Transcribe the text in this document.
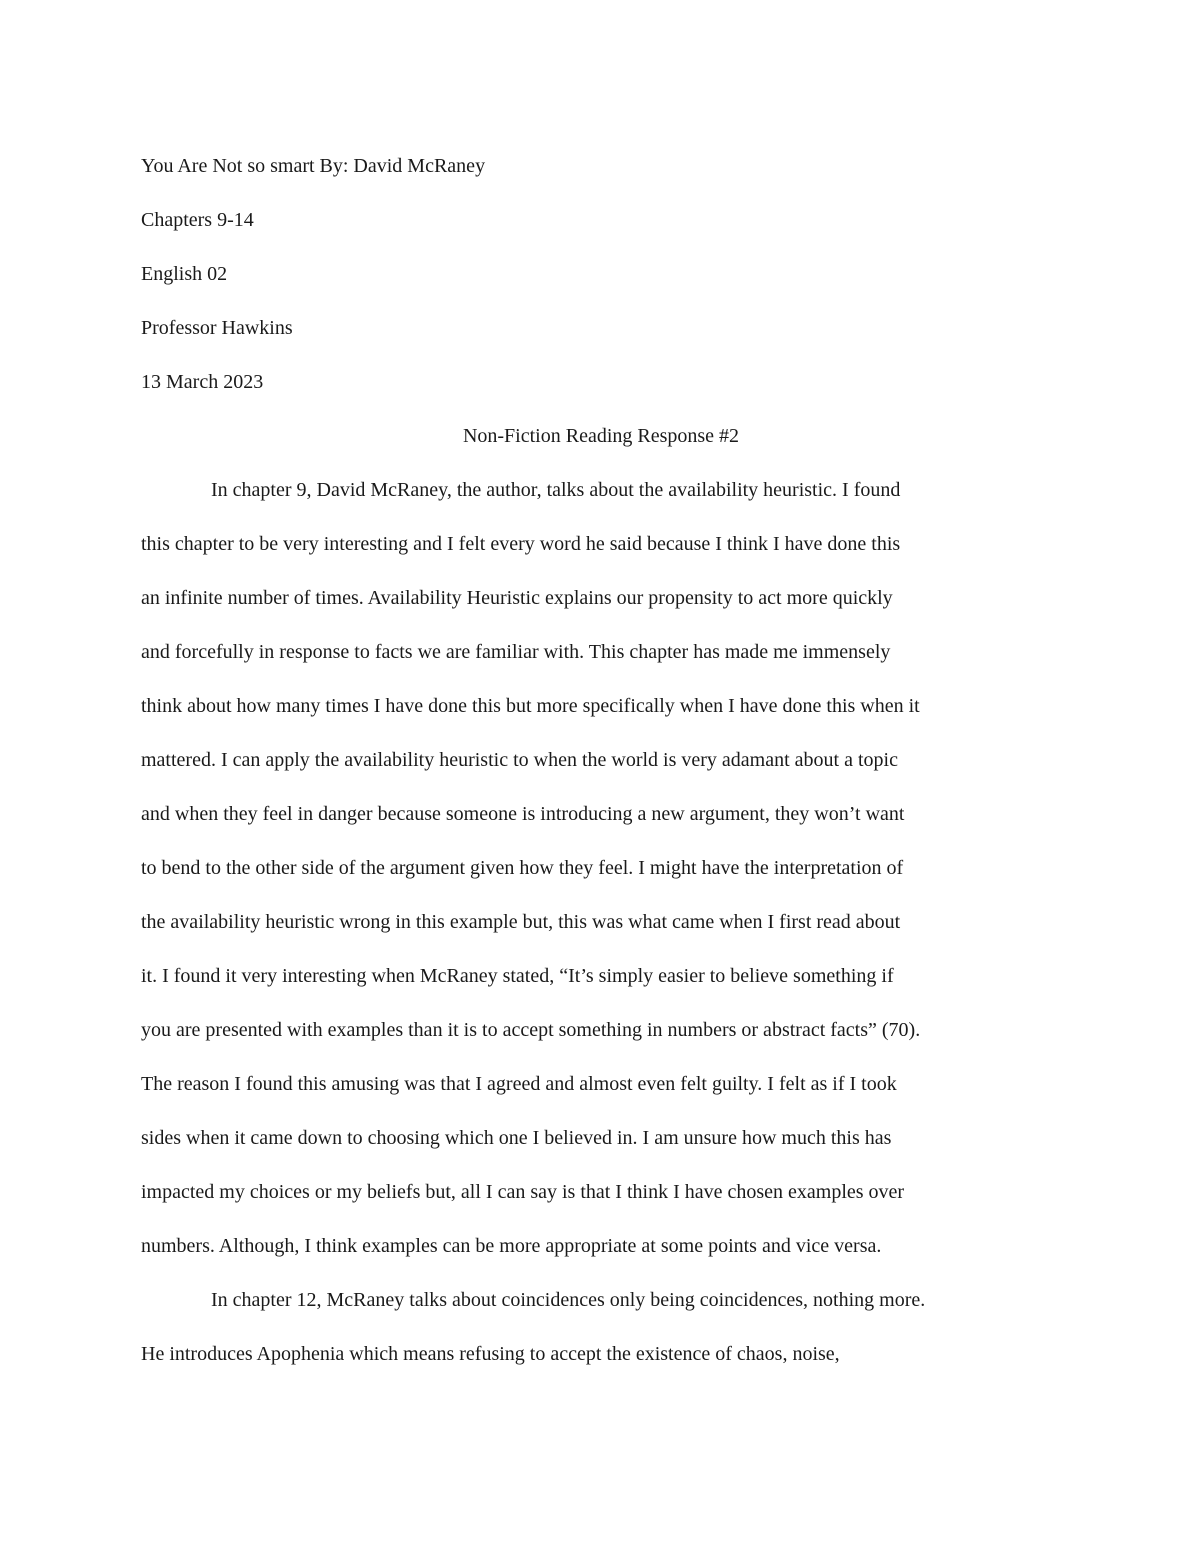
You Are Not so smart By: David McRaney
Chapters 9-14
English 02
Professor Hawkins
13 March 2023
Non-Fiction Reading Response #2
In chapter 9, David McRaney, the author, talks about the availability heuristic. I found
this chapter to be very interesting and I felt every word he said because I think I have done this
an infinite number of times. Availability Heuristic explains our propensity to act more quickly
and forcefully in response to facts we are familiar with. This chapter has made me immensely
think about how many times I have done this but more specifically when I have done this when it
mattered. I can apply the availability heuristic to when the world is very adamant about a topic
and when they feel in danger because someone is introducing a new argument, they won’t want
to bend to the other side of the argument given how they feel. I might have the interpretation of
the availability heuristic wrong in this example but, this was what came when I first read about
it. I found it very interesting when McRaney stated, “It’s simply easier to believe something if
you are presented with examples than it is to accept something in numbers or abstract facts” (70).
The reason I found this amusing was that I agreed and almost even felt guilty. I felt as if I took
sides when it came down to choosing which one I believed in. I am unsure how much this has
impacted my choices or my beliefs but, all I can say is that I think I have chosen examples over
numbers. Although, I think examples can be more appropriate at some points and vice versa.
In chapter 12, McRaney talks about coincidences only being coincidences, nothing more.
He introduces Apophenia which means refusing to accept the existence of chaos, noise,
